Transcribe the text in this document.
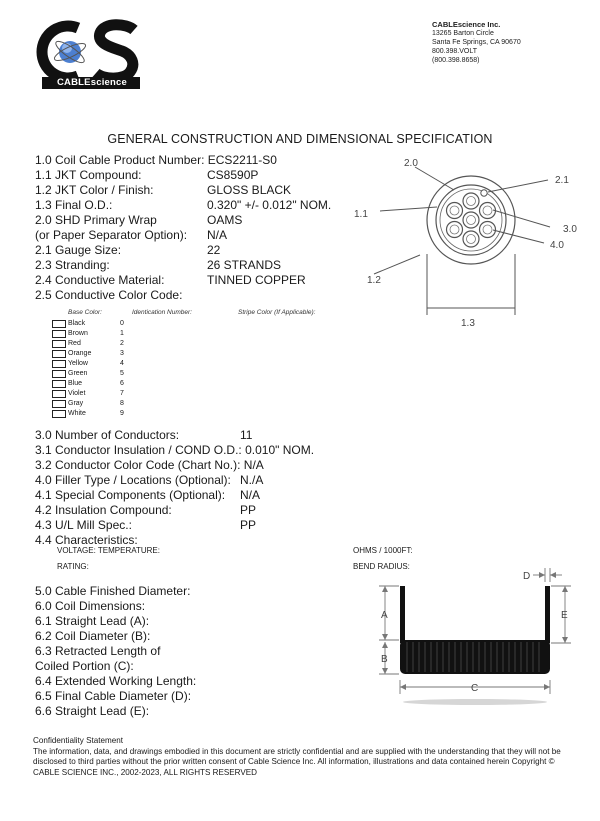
CABLEscience
CABLEscience Inc.
13265 Barton Circle
Santa Fe Springs, CA 90670
800.398.VOLT
(800.398.8658)
GENERAL CONSTRUCTION AND DIMENSIONAL SPECIFICATION
1.0 Coil Cable Product Number: ECS2211-S0
1.1 JKT Compound:	CS8590P
1.2 JKT Color / Finish:	GLOSS BLACK
1.3 Final O.D.:	0.320" +/- 0.012" NOM.
2.0 SHD Primary Wrap	OAMS
(or Paper Separator Option): N/A
2.1 Gauge Size:	22
2.3 Stranding:	26 STRANDS
2.4 Conductive Material:	TINNED COPPER
2.5 Conductive Color Code:
Base Color:	Identication Number:	Stripe Color (If Applicable):
Black	0
Brown	1
Red	2
Orange	3
Yellow	4
Green	5
Blue	6
Violet	7
Gray	8
White	9
3.0 Number of Conductors:	11
3.1 Conductor Insulation / COND O.D.: 0.010" NOM.
3.2 Conductor Color Code (Chart No.): N/A
4.0 Filler Type / Locations (Optional): N./A
4.1 Special Components (Optional): N/A
4.2 Insulation Compound:	PP
4.3 U/L Mill Spec.:	PP
4.4 Characteristics:
VOLTAGE: TEMPERATURE:
RATING:
OHMS / 1000FT:
BEND RADIUS:
5.0 Cable Finished Diameter:
6.0 Coil Dimensions:
6.1 Straight Lead (A):
6.2 Coil Diameter (B):
6.3 Retracted Length of
Coiled Portion (C):
6.4 Extended Working Length:
6.5 Final Cable Diameter (D):
6.6 Straight Lead (E):
2.0
2.1
1.1
3.0
4.0
1.2
1.3
A
B
C
D
E
Confidentiality Statement
The information, data, and drawings embodied in this document are strictly confidential and are supplied with the understanding that they will not be disclosed to third parties without the prior written consent of Cable Science Inc. All information, illustrations and data contained herein Copyright © CABLE SCIENCE INC., 2002-2023, ALL RIGHTS RESERVED
